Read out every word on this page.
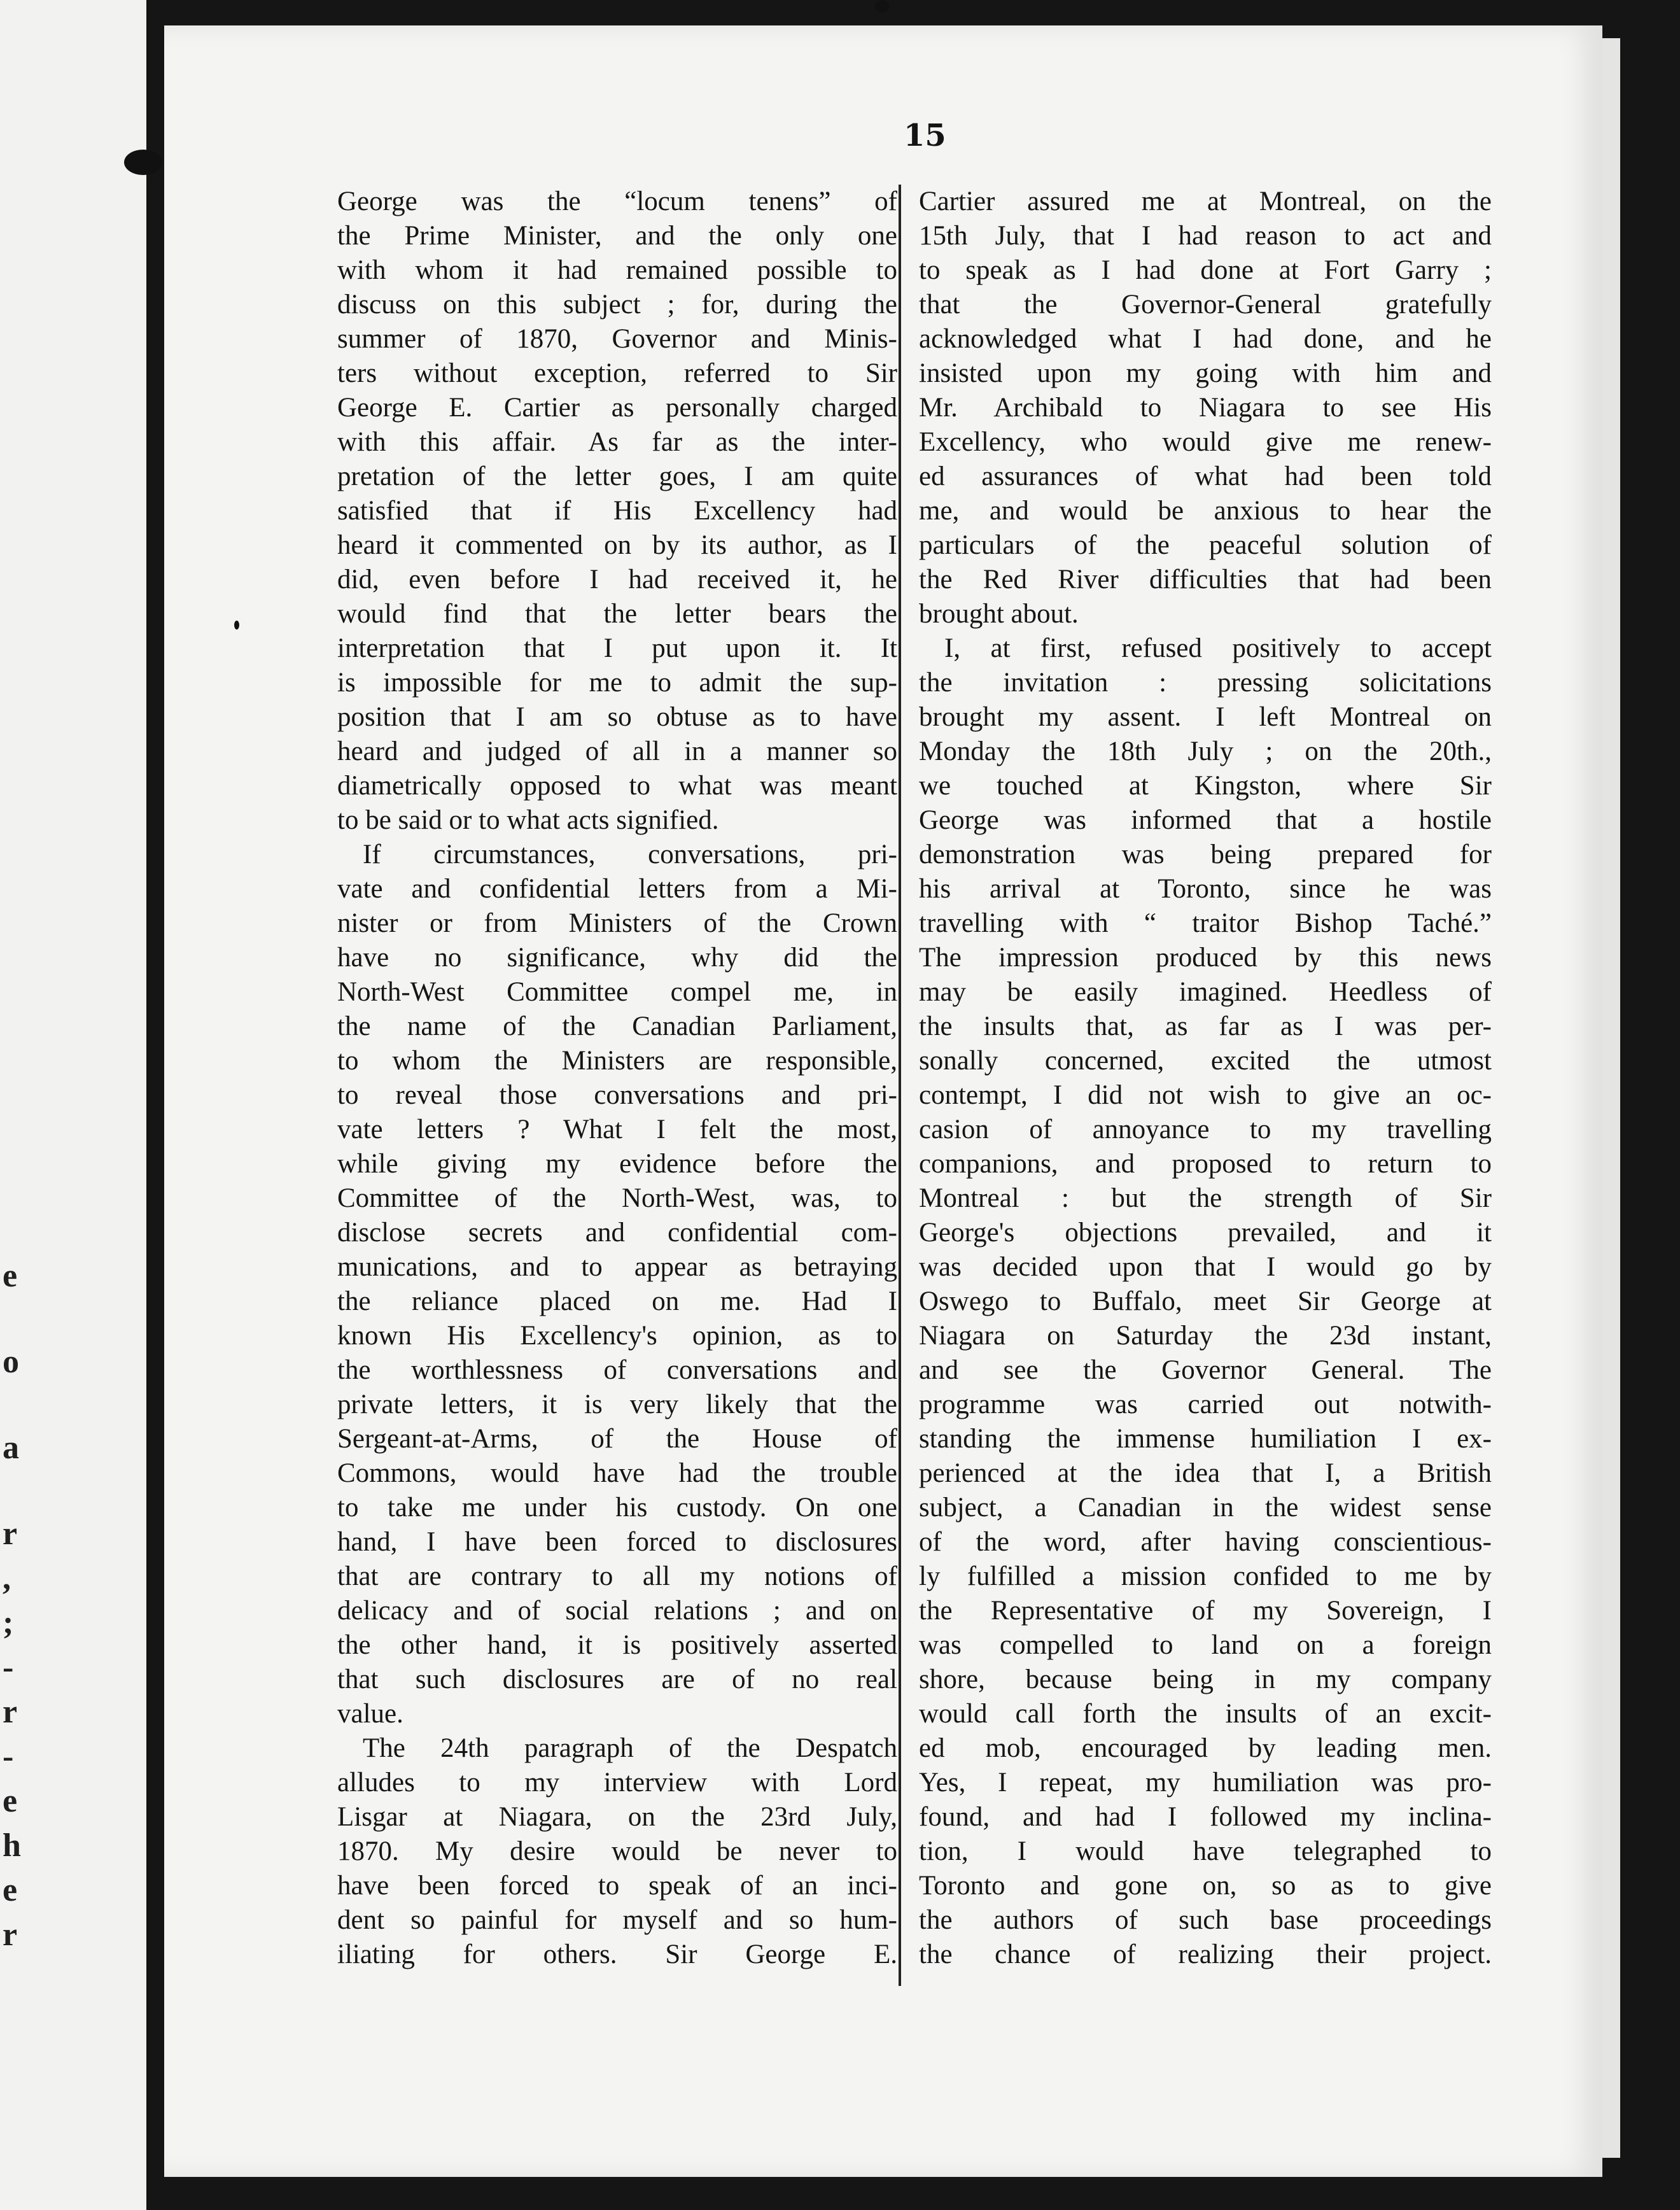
e
o
a
r
,
;
-
r
-
e
h
e
r
15
George was the “locum tenens” of
the Prime Minister, and the only one
with whom it had remained possible to
discuss on this subject ; for, during the
summer of 1870, Governor and Minis-
ters without exception, referred to Sir
George E. Cartier as personally charged
with this affair. As far as the inter-
pretation of the letter goes, I am quite
satisfied that if His Excellency had
heard it commented on by its author, as I
did, even before I had received it, he
would find that the letter bears the
interpretation that I put upon it. It
is impossible for me to admit the sup-
position that I am so obtuse as to have
heard and judged of all in a manner so
diametrically opposed to what was meant
to be said or to what acts signified.
If circumstances, conversations, pri-
vate and confidential letters from a Mi-
nister or from Ministers of the Crown
have no significance, why did the
North-West Committee compel me, in
the name of the Canadian Parliament,
to whom the Ministers are responsible,
to reveal those conversations and pri-
vate letters ? What I felt the most,
while giving my evidence before the
Committee of the North-West, was, to
disclose secrets and confidential com-
munications, and to appear as betraying
the reliance placed on me. Had I
known His Excellency's opinion, as to
the worthlessness of conversations and
private letters, it is very likely that the
Sergeant-at-Arms, of the House of
Commons, would have had the trouble
to take me under his custody. On one
hand, I have been forced to disclosures
that are contrary to all my notions of
delicacy and of social relations ; and on
the other hand, it is positively asserted
that such disclosures are of no real
value.
The 24th paragraph of the Despatch
alludes to my interview with Lord
Lisgar at Niagara, on the 23rd July,
1870. My desire would be never to
have been forced to speak of an inci-
dent so painful for myself and so hum-
iliating for others. Sir George E.
Cartier assured me at Montreal, on the
15th July, that I had reason to act and
to speak as I had done at Fort Garry ;
that the Governor-General gratefully
acknowledged what I had done, and he
insisted upon my going with him and
Mr. Archibald to Niagara to see His
Excellency, who would give me renew-
ed assurances of what had been told
me, and would be anxious to hear the
particulars of the peaceful solution of
the Red River difficulties that had been
brought about.
I, at first, refused positively to accept
the invitation : pressing solicitations
brought my assent. I left Montreal on
Monday the 18th July ; on the 20th.,
we touched at Kingston, where Sir
George was informed that a hostile
demonstration was being prepared for
his arrival at Toronto, since he was
travelling with “ traitor Bishop Taché.”
The impression produced by this news
may be easily imagined. Heedless of
the insults that, as far as I was per-
sonally concerned, excited the utmost
contempt, I did not wish to give an oc-
casion of annoyance to my travelling
companions, and proposed to return to
Montreal : but the strength of Sir
George's objections prevailed, and it
was decided upon that I would go by
Oswego to Buffalo, meet Sir George at
Niagara on Saturday the 23d instant,
and see the Governor General. The
programme was carried out notwith-
standing the immense humiliation I ex-
perienced at the idea that I, a British
subject, a Canadian in the widest sense
of the word, after having conscientious-
ly fulfilled a mission confided to me by
the Representative of my Sovereign, I
was compelled to land on a foreign
shore, because being in my company
would call forth the insults of an excit-
ed mob, encouraged by leading men.
Yes, I repeat, my humiliation was pro-
found, and had I followed my inclina-
tion, I would have telegraphed to
Toronto and gone on, so as to give
the authors of such base proceedings
the chance of realizing their project.
